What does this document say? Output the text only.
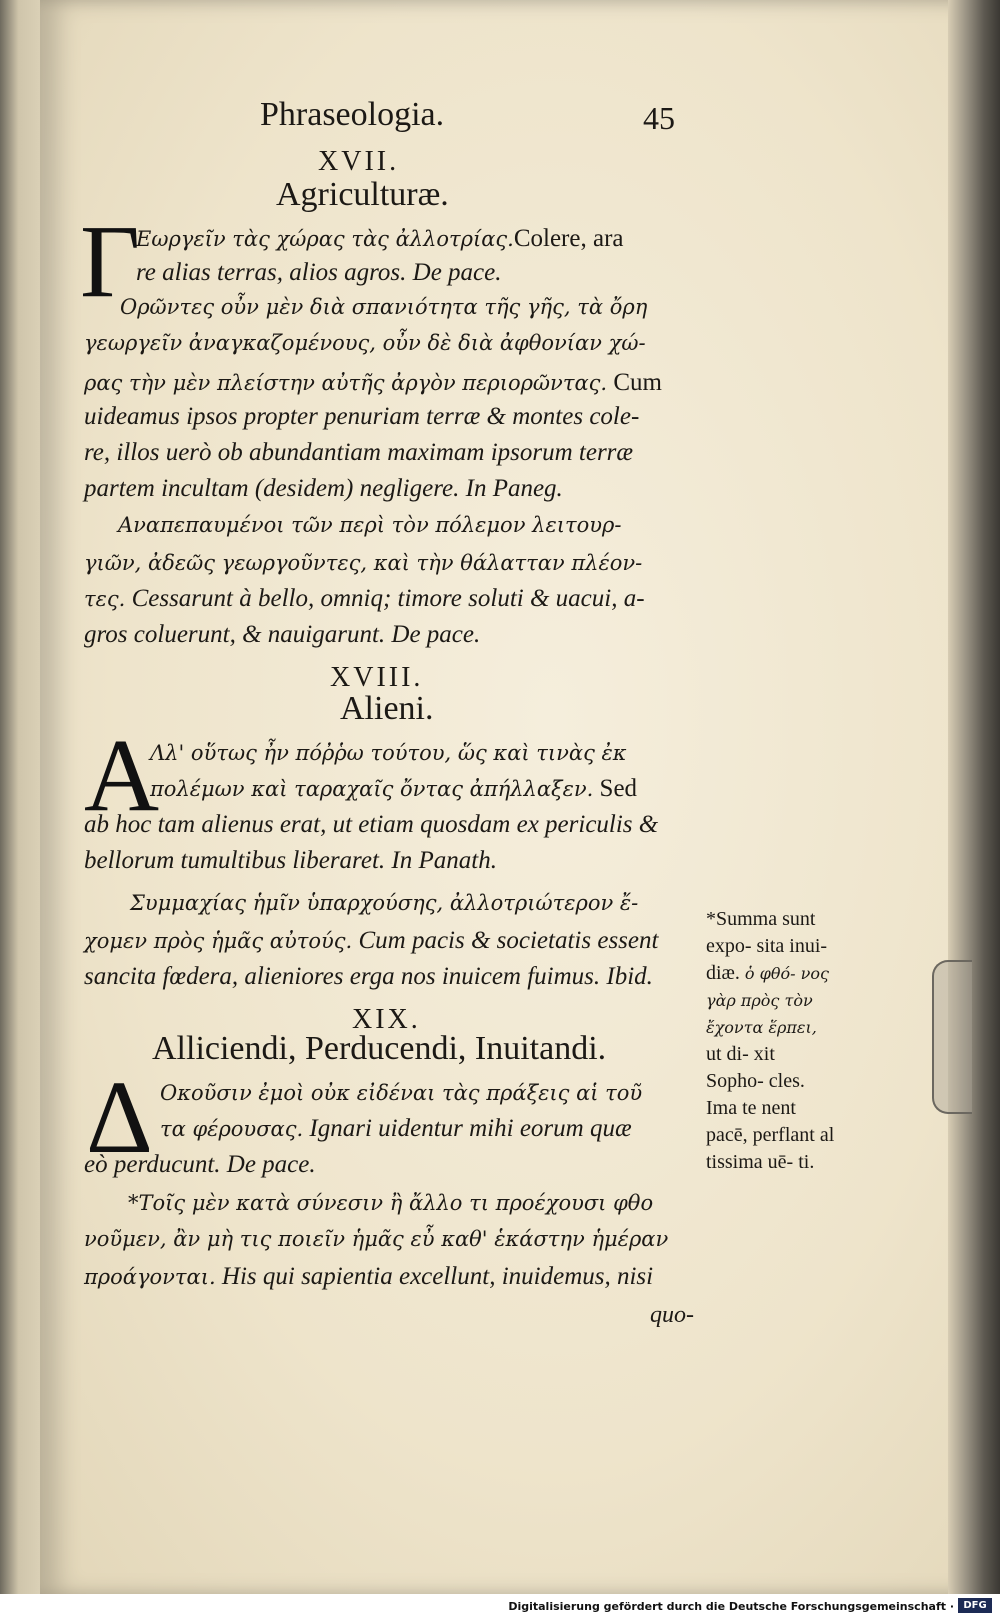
Phraseologia.	45
XVII.
Agriculturæ.
Γ
Εωργεῖν τὰς χώρας τὰς ἀλλοτρίας.Colere, ara
re alias terras, alios agros. De pace.
Ορῶντες οὖν μὲν διὰ σπανιότητα τῆς γῆς, τὰ ὄρη
γεωργεῖν ἀναγκαζομένους, οὖν δὲ διὰ ἀφθονίαν χώ-
ρας τὴν μὲν πλείστην αὐτῆς ἀργὸν περιορῶντας. Cum
uideamus ipsos propter penuriam terræ & montes cole-
re, illos uerò ob abundantiam maximam ipsorum terræ
partem incultam (desidem) negligere. In Paneg.
Αναπεπαυμένοι τῶν περὶ τὸν πόλεμον λειτουρ-
γιῶν, ἀδεῶς γεωργοῦντες, καὶ τὴν θάλατταν πλέον-
τες. Cessarunt à bello, omniq; timore soluti & uacui, a-
gros coluerunt, & nauigarunt. De pace.
XVIII.
Alieni.
A
Λλ' οὕτως ἦν πόῤῥω τούτου, ὥς καὶ τινὰς ἐκ
πολέμων καὶ ταραχαῖς ὄντας ἀπήλλαξεν. Sed
ab hoc tam alienus erat, ut etiam quosdam ex periculis &
bellorum tumultibus liberaret. In Panath.
Συμμαχίας ἡμῖν ὑπαρχούσης, ἀλλοτριώτερον ἔ-
χομεν πρὸς ἡμᾶς αὐτούς. Cum pacis & societatis essent
sancita fœdera, alieniores erga nos inuicem fuimus. Ibid.
XIX.
Alliciendi, Perducendi, Inuitandi.
Δ Οκοῦσιν ἐμοὶ οὐκ εἰδέναι τὰς πράξεις αἱ τοῦ
τα φέρουσας. Ignari uidentur mihi eorum quæ
eò perducunt. De pace.
*Τοῖς μὲν κατὰ σύνεσιν ἢ ἄλλο τι προέχουσι φθο
νοῦμεν, ἂν μὴ τις ποιεῖν ἡμᾶς εὖ καθ' ἑκάστην ἡμέραν
προάγονται. His qui sapientia excellunt, inuidemus, nisi
quo-
*Summa sunt expo- sita inui- diæ. ὁ φθό- νος γὰρ πρὸς τὸν ἔχοντα ἕρπει, ut di- xit Sopho- cles. Ima te nent pacē, perflant al tissima uē- ti.
Digitalisierung gefördert durch die Deutsche Forschungsgemeinschaft · DFG
